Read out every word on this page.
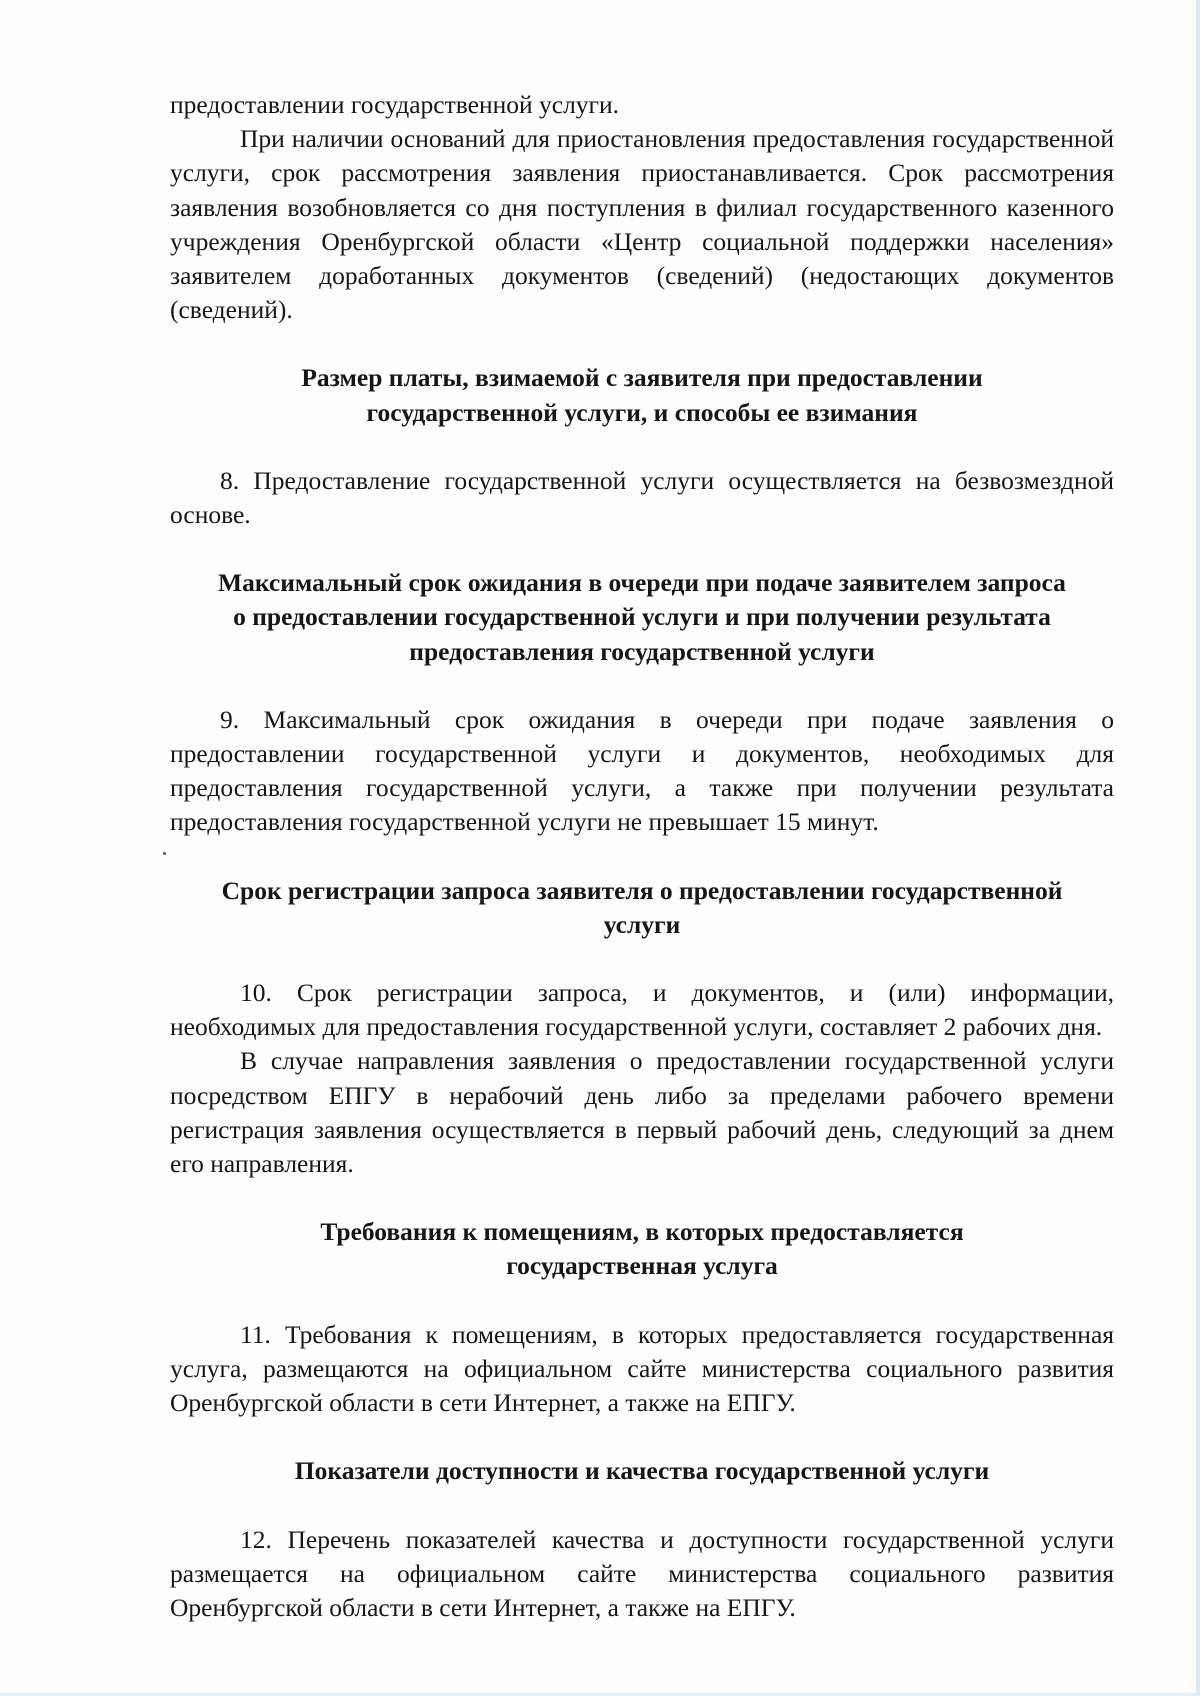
предоставлении государственной услуги.

При наличии оснований для приостановления предоставления государственной услуги, срок рассмотрения заявления приостанавливается. Срок рассмотрения заявления возобновляется со дня поступления в филиал государственного казенного учреждения Оренбургской области «Центр социальной поддержки населения» заявителем доработанных документов (сведений) (недостающих документов (сведений).

Размер платы, взимаемой с заявителя при предоставлении
государственной услуги, и способы ее взимания

8. Предоставление государственной услуги осуществляется на безвозмездной основе.

Максимальный срок ожидания в очереди при подаче заявителем запроса
о предоставлении государственной услуги и при получении результата
предоставления государственной услуги

9. Максимальный срок ожидания в очереди при подаче заявления о предоставлении государственной услуги и документов, необходимых для предоставления государственной услуги, а также при получении результата предоставления государственной услуги не превышает 15 минут.

Срок регистрации запроса заявителя о предоставлении государственной
услуги

10. Срок регистрации запроса, и документов, и (или) информации, необходимых для предоставления государственной услуги, составляет 2 рабочих дня.

В случае направления заявления о предоставлении государственной услуги посредством ЕПГУ в нерабочий день либо за пределами рабочего времени регистрация заявления осуществляется в первый рабочий день, следующий за днем его направления.

Требования к помещениям, в которых предоставляется
государственная услуга

11. Требования к помещениям, в которых предоставляется государственная услуга, размещаются на официальном сайте министерства социального развития Оренбургской области в сети Интернет, а также на ЕПГУ.

Показатели доступности и качества государственной услуги

12. Перечень показателей качества и доступности государственной услуги размещается на официальном сайте министерства социального развития Оренбургской области в сети Интернет, а также на ЕПГУ.
